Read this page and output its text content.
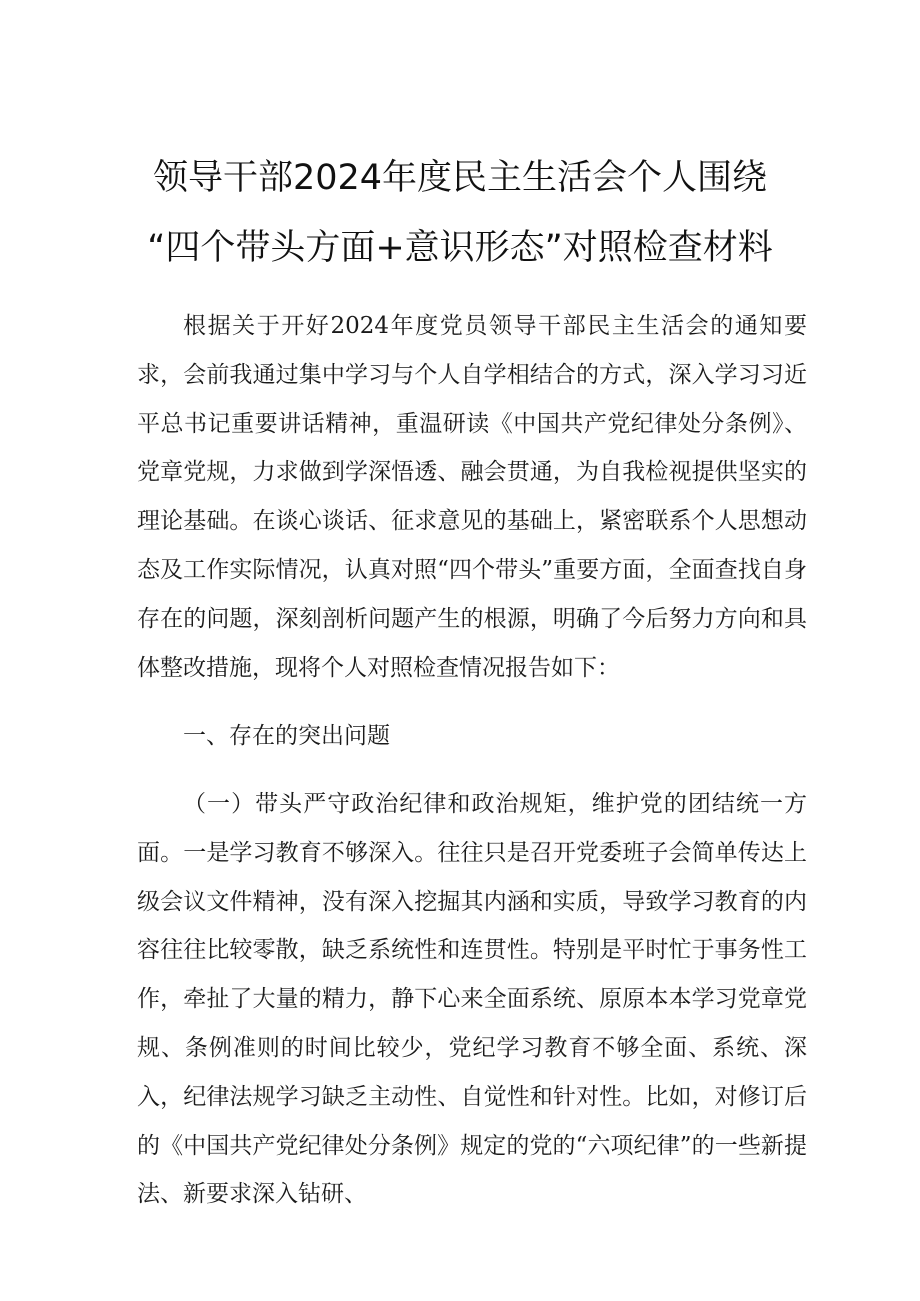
领导干部2024年度民主生活会个人围绕
“四个带头方面+意识形态”对照检查材料

根据关于开好2024年度党员领导干部民主生活会的通知要求，会前我通过集中学习与个人自学相结合的方式，深入学习习近平总书记重要讲话精神，重温研读《中国共产党纪律处分条例》、党章党规，力求做到学深悟透、融会贯通，为自我检视提供坚实的理论基础。在谈心谈话、征求意见的基础上，紧密联系个人思想动态及工作实际情况，认真对照“四个带头”重要方面，全面查找自身存在的问题，深刻剖析问题产生的根源，明确了今后努力方向和具体整改措施，现将个人对照检查情况报告如下：

一、存在的突出问题

（一）带头严守政治纪律和政治规矩，维护党的团结统一方面。一是学习教育不够深入。往往只是召开党委班子会简单传达上级会议文件精神，没有深入挖掘其内涵和实质，导致学习教育的内容往往比较零散，缺乏系统性和连贯性。特别是平时忙于事务性工作，牵扯了大量的精力，静下心来全面系统、原原本本学习党章党规、条例准则的时间比较少，党纪学习教育不够全面、系统、深入，纪律法规学习缺乏主动性、自觉性和针对性。比如，对修订后的《中国共产党纪律处分条例》规定的党的“六项纪律”的一些新提法、新要求深入钻研、
